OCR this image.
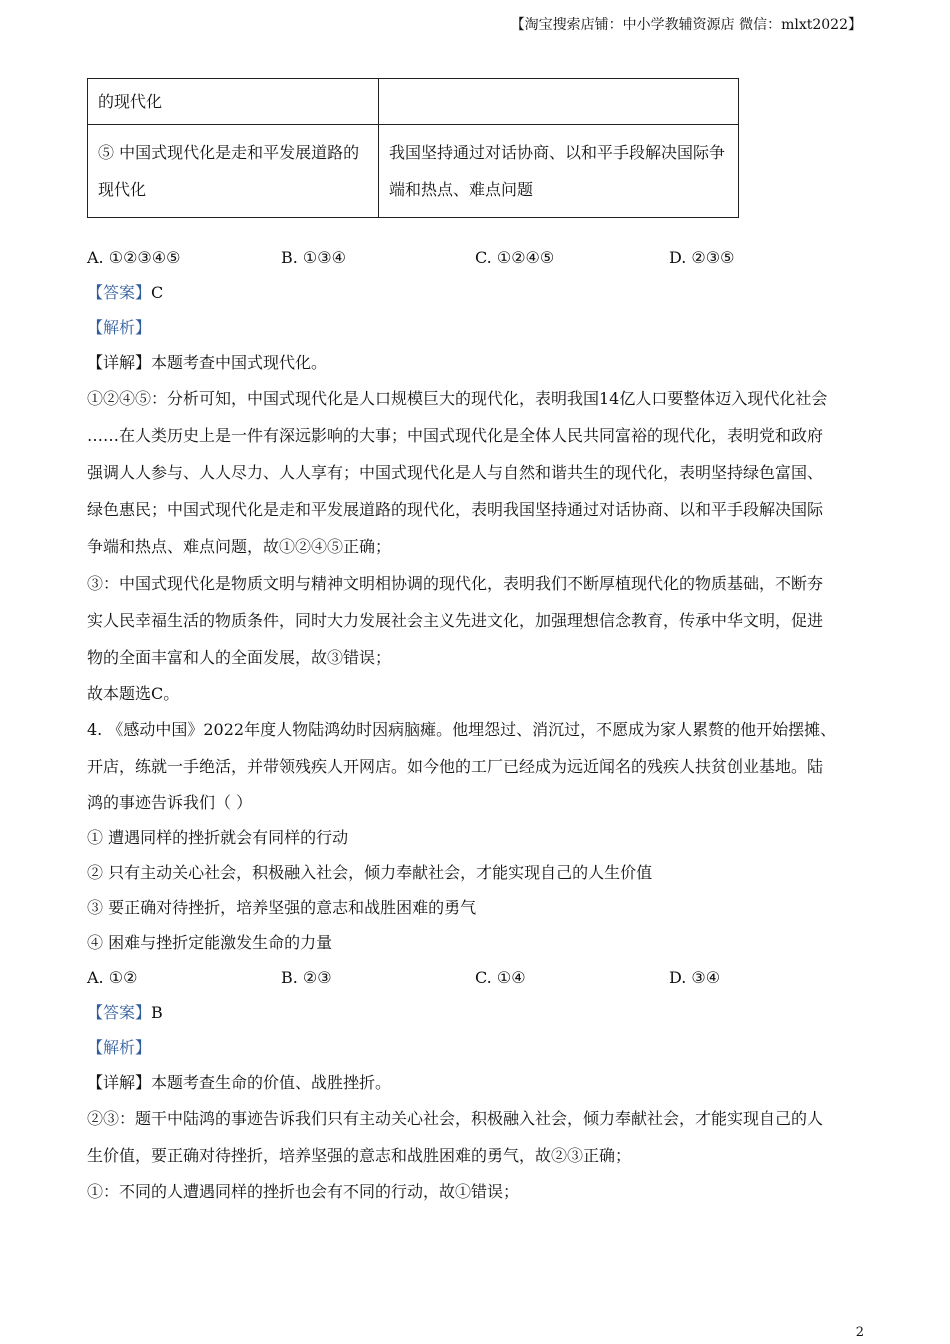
【淘宝搜索店铺：中小学教辅资源店 微信：mlxt2022】
的现代化	
⑤ 中国式现代化是走和平发展道路的现代化	我国坚持通过对话协商、以和平手段解决国际争端和热点、难点问题
A. ①②③④⑤	B. ①③④	C. ①②④⑤	D. ②③⑤
【答案】C
【解析】
【详解】本题考查中国式现代化。
①②④⑤：分析可知，中国式现代化是人口规模巨大的现代化，表明我国14亿人口要整体迈入现代化社会
……在人类历史上是一件有深远影响的大事；中国式现代化是全体人民共同富裕的现代化，表明党和政府
强调人人参与、人人尽力、人人享有；中国式现代化是人与自然和谐共生的现代化，表明坚持绿色富国、
绿色惠民；中国式现代化是走和平发展道路的现代化，表明我国坚持通过对话协商、以和平手段解决国际
争端和热点、难点问题，故①②④⑤正确；
③：中国式现代化是物质文明与精神文明相协调的现代化，表明我们不断厚植现代化的物质基础，不断夯
实人民幸福生活的物质条件，同时大力发展社会主义先进文化，加强理想信念教育，传承中华文明，促进
物的全面丰富和人的全面发展，故③错误；
故本题选C。
4. 《感动中国》2022年度人物陆鸿幼时因病脑瘫。他埋怨过、消沉过，不愿成为家人累赘的他开始摆摊、
开店，练就一手绝活，并带领残疾人开网店。如今他的工厂已经成为远近闻名的残疾人扶贫创业基地。陆
鸿的事迹告诉我们（ ）
① 遭遇同样的挫折就会有同样的行动
② 只有主动关心社会，积极融入社会，倾力奉献社会，才能实现自己的人生价值
③ 要正确对待挫折，培养坚强的意志和战胜困难的勇气
④ 困难与挫折定能激发生命的力量
A. ①②	B. ②③	C. ①④	D. ③④
【答案】B
【解析】
【详解】本题考查生命的价值、战胜挫折。
②③：题干中陆鸿的事迹告诉我们只有主动关心社会，积极融入社会，倾力奉献社会，才能实现自己的人
生价值，要正确对待挫折，培养坚强的意志和战胜困难的勇气，故②③正确；
①：不同的人遭遇同样的挫折也会有不同的行动，故①错误；
2
